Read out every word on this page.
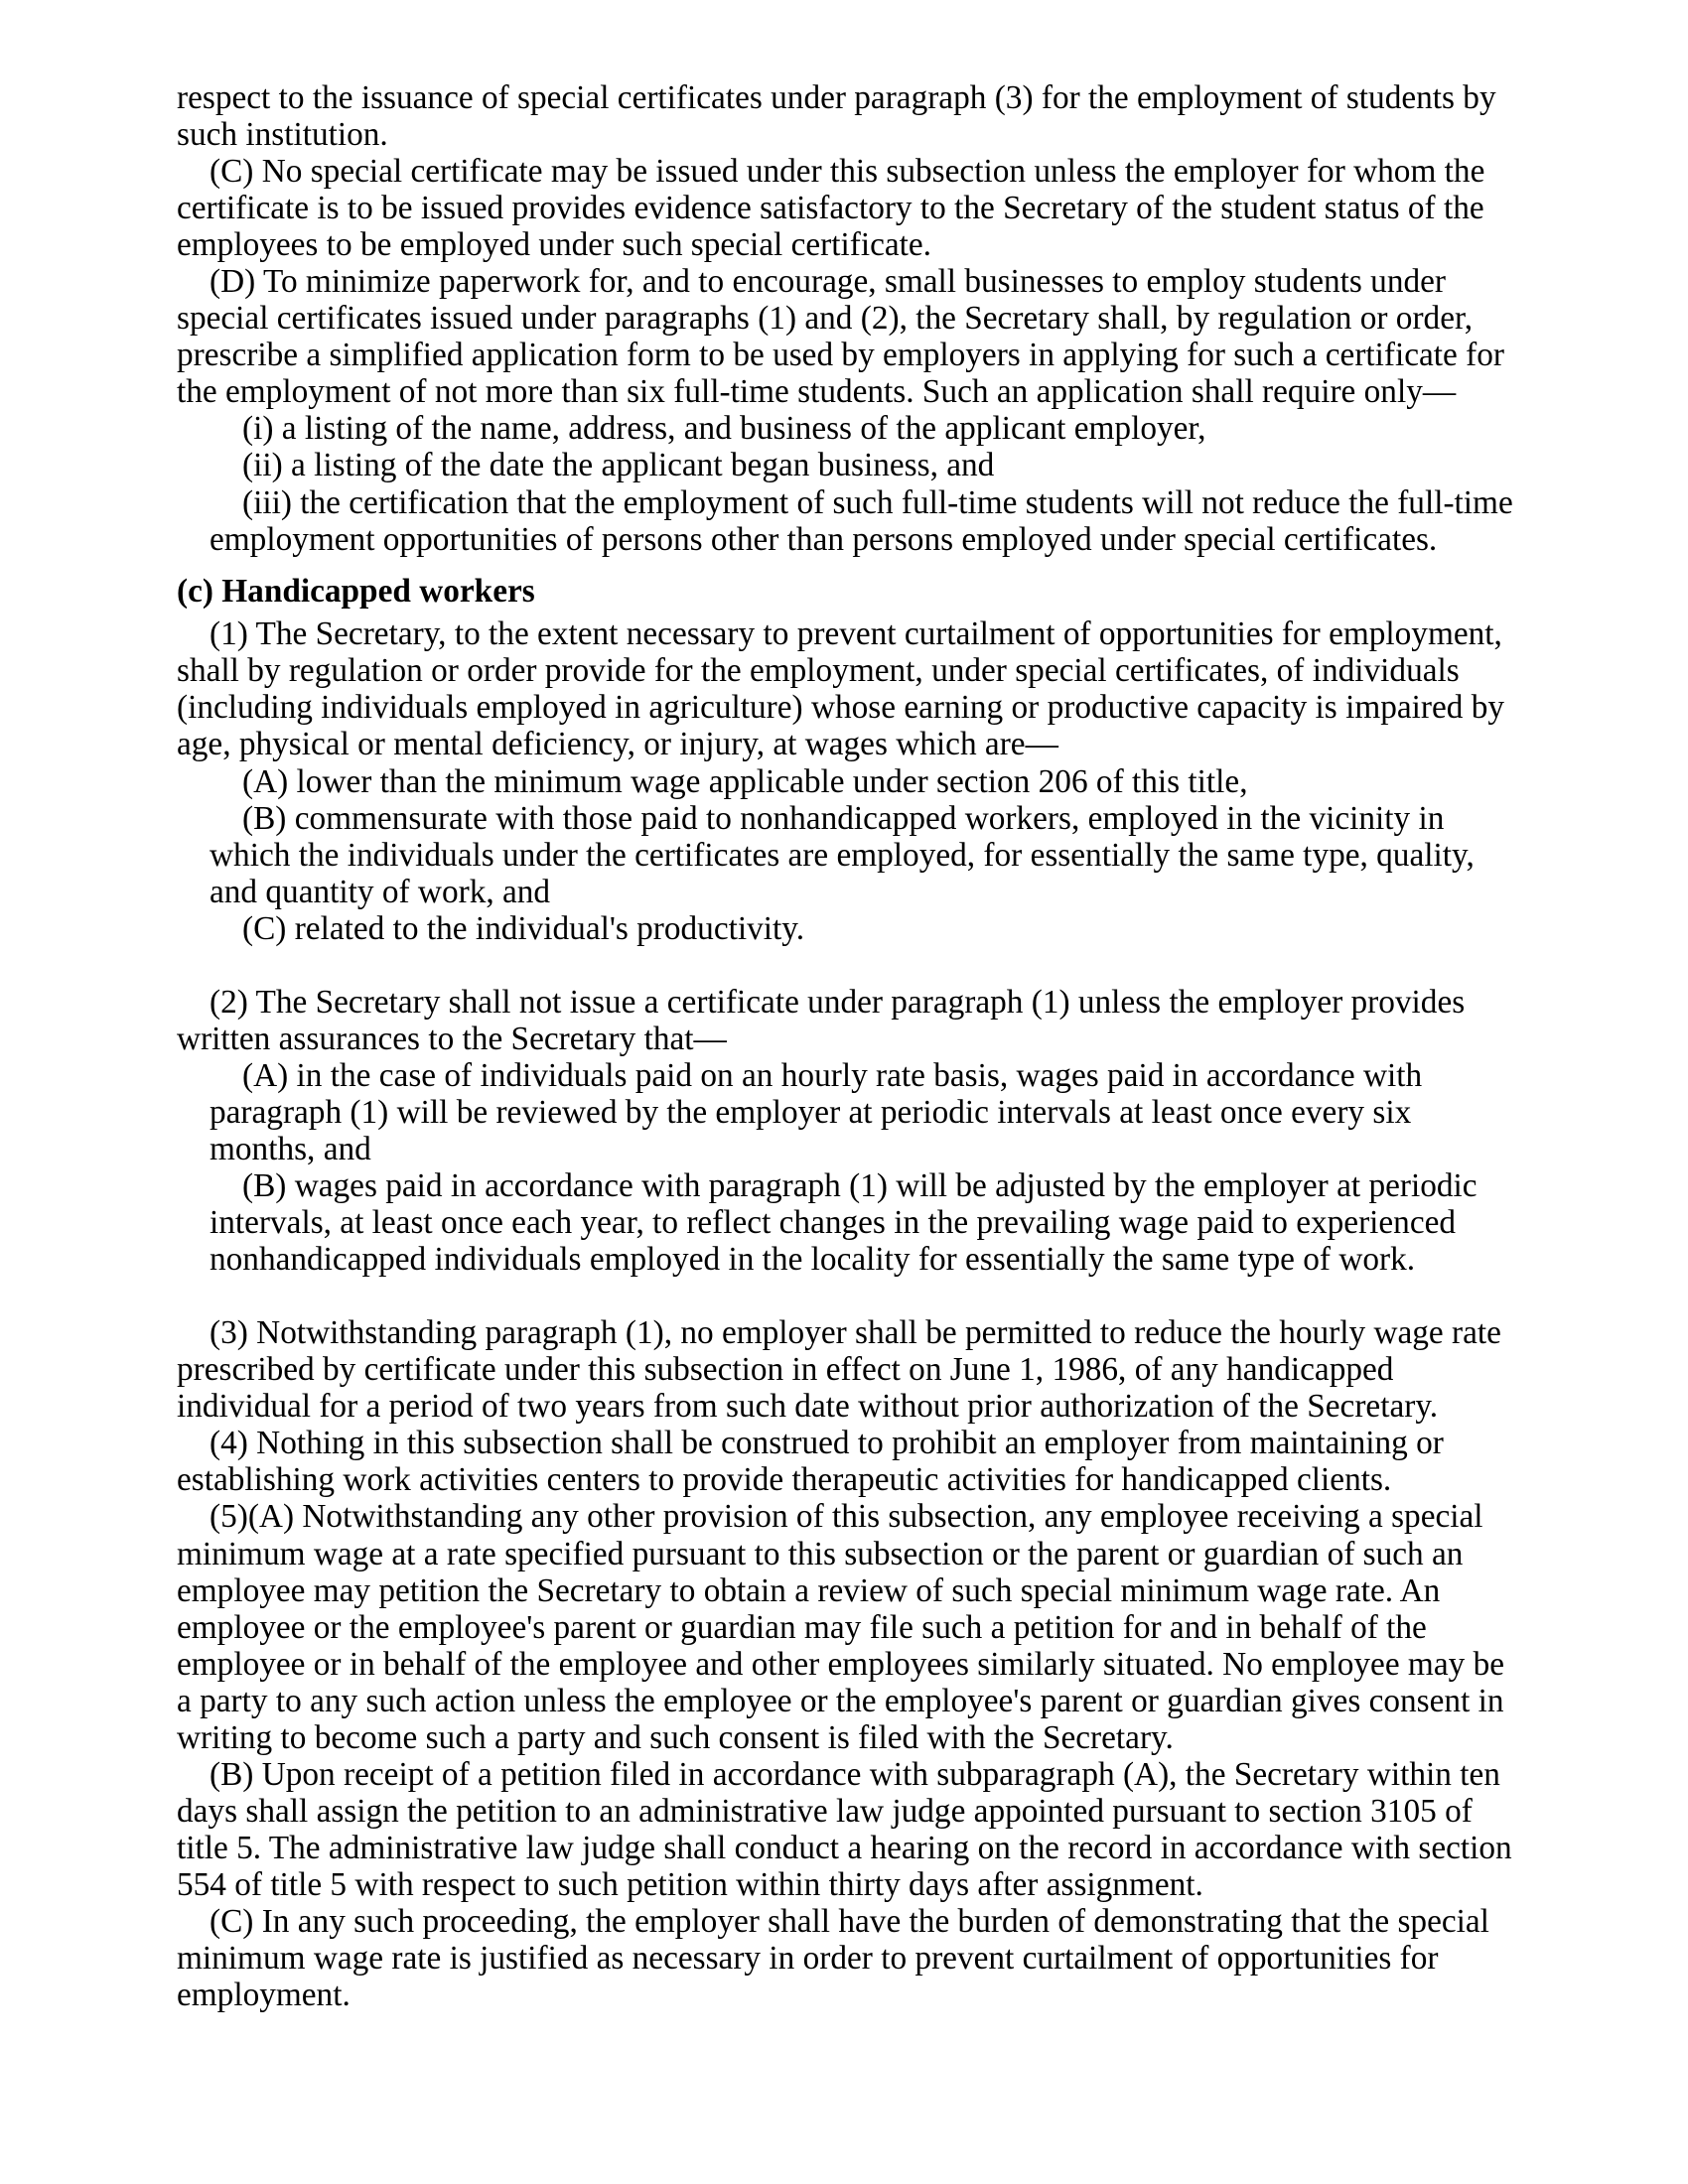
respect to the issuance of special certificates under paragraph (3) for the employment of students by
such institution.

(C) No special certificate may be issued under this subsection unless the employer for whom the
certificate is to be issued provides evidence satisfactory to the Secretary of the student status of the
employees to be employed under such special certificate.

(D) To minimize paperwork for, and to encourage, small businesses to employ students under
special certificates issued under paragraphs (1) and (2), the Secretary shall, by regulation or order,
prescribe a simplified application form to be used by employers in applying for such a certificate for
the employment of not more than six full-time students. Such an application shall require only—

(i) a listing of the name, address, and business of the applicant employer,

(ii) a listing of the date the applicant began business, and

(iii) the certification that the employment of such full-time students will not reduce the full-time
employment opportunities of persons other than persons employed under special certificates.

(c) Handicapped workers

(1) The Secretary, to the extent necessary to prevent curtailment of opportunities for employment,
shall by regulation or order provide for the employment, under special certificates, of individuals
(including individuals employed in agriculture) whose earning or productive capacity is impaired by
age, physical or mental deficiency, or injury, at wages which are—

(A) lower than the minimum wage applicable under section 206 of this title,

(B) commensurate with those paid to nonhandicapped workers, employed in the vicinity in
which the individuals under the certificates are employed, for essentially the same type, quality,
and quantity of work, and

(C) related to the individual's productivity.

(2) The Secretary shall not issue a certificate under paragraph (1) unless the employer provides
written assurances to the Secretary that—

(A) in the case of individuals paid on an hourly rate basis, wages paid in accordance with
paragraph (1) will be reviewed by the employer at periodic intervals at least once every six
months, and

(B) wages paid in accordance with paragraph (1) will be adjusted by the employer at periodic
intervals, at least once each year, to reflect changes in the prevailing wage paid to experienced
nonhandicapped individuals employed in the locality for essentially the same type of work.

(3) Notwithstanding paragraph (1), no employer shall be permitted to reduce the hourly wage rate
prescribed by certificate under this subsection in effect on June 1, 1986, of any handicapped
individual for a period of two years from such date without prior authorization of the Secretary.

(4) Nothing in this subsection shall be construed to prohibit an employer from maintaining or
establishing work activities centers to provide therapeutic activities for handicapped clients.

(5)(A) Notwithstanding any other provision of this subsection, any employee receiving a special
minimum wage at a rate specified pursuant to this subsection or the parent or guardian of such an
employee may petition the Secretary to obtain a review of such special minimum wage rate. An
employee or the employee's parent or guardian may file such a petition for and in behalf of the
employee or in behalf of the employee and other employees similarly situated. No employee may be
a party to any such action unless the employee or the employee's parent or guardian gives consent in
writing to become such a party and such consent is filed with the Secretary.

(B) Upon receipt of a petition filed in accordance with subparagraph (A), the Secretary within ten
days shall assign the petition to an administrative law judge appointed pursuant to section 3105 of
title 5. The administrative law judge shall conduct a hearing on the record in accordance with section
554 of title 5 with respect to such petition within thirty days after assignment.

(C) In any such proceeding, the employer shall have the burden of demonstrating that the special
minimum wage rate is justified as necessary in order to prevent curtailment of opportunities for
employment.
